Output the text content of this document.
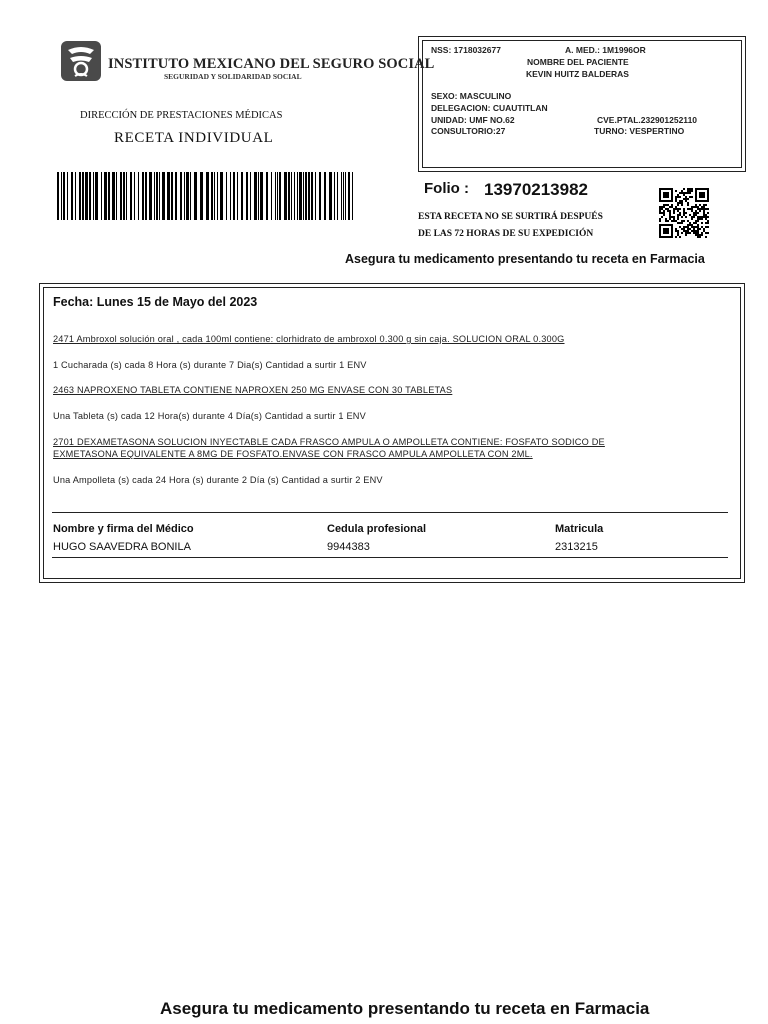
INSTITUTO MEXICANO DEL SEGURO SOCIAL
SEGURIDAD Y SOLIDARIDAD SOCIAL
DIRECCIÓN DE PRESTACIONES MÉDICAS
RECETA INDIVIDUAL
NSS: 1718032677	A. MED.: 1M1996OR
NOMBRE DEL PACIENTE
KEVIN HUITZ BALDERAS
SEXO: MASCULINO
DELEGACION: CUAUTITLAN
UNIDAD: UMF NO.62	CVE.PTAL.232901252110
CONSULTORIO:27	TURNO: VESPERTINO
Folio : 13970213982
ESTA RECETA NO SE SURTIRÁ DESPUÉS
DE LAS 72 HORAS DE SU EXPEDICIÓN
Asegura tu medicamento presentando tu receta en Farmacia
Fecha: Lunes 15 de Mayo del 2023
2471 Ambroxol solución oral , cada 100ml contiene: clorhidrato de ambroxol 0.300 g sin caja. SOLUCION ORAL 0.300G
1 Cucharada (s) cada 8 Hora (s) durante 7 Dia(s) Cantidad a surtir 1 ENV
2463 NAPROXENO TABLETA CONTIENE NAPROXEN 250 MG ENVASE CON 30 TABLETAS
Una Tableta (s) cada 12 Hora(s) durante 4 Día(s) Cantidad a surtir 1 ENV
2701 DEXAMETASONA SOLUCION INYECTABLE CADA FRASCO AMPULA O AMPOLLETA CONTIENE: FOSFATO SODICO DE
EXMETASONA EQUIVALENTE A 8MG DE FOSFATO.ENVASE CON FRASCO AMPULA AMPOLLETA CON 2ML.
Una Ampolleta (s) cada 24 Hora (s) durante 2 Día (s) Cantidad a surtir 2 ENV
Nombre y firma del Médico	Cedula profesional	Matricula
HUGO SAAVEDRA BONILA	9944383	2313215
Asegura tu medicamento presentando tu receta en Farmacia
